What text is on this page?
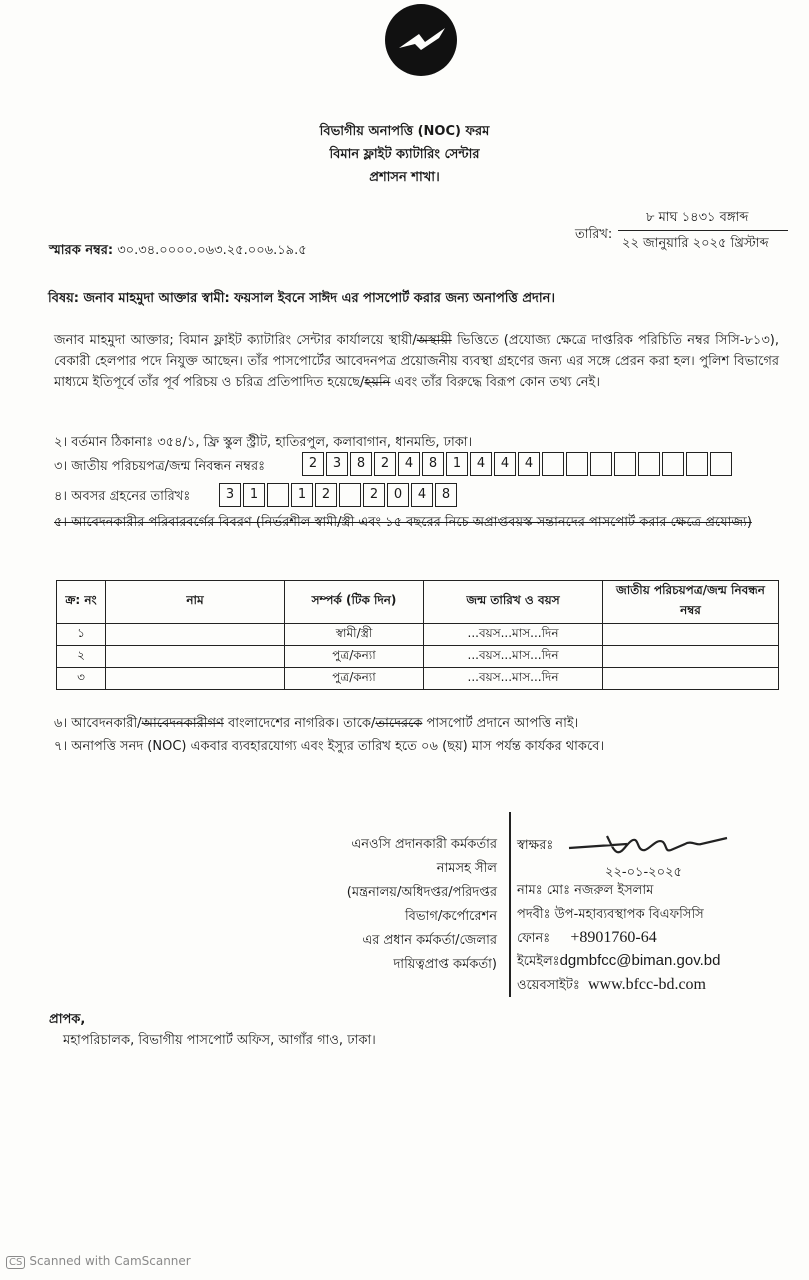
বিভাগীয় অনাপত্তি (NOC) ফরম
বিমান ফ্লাইট ক্যাটারিং সেন্টার
প্রশাসন শাখা।
৮ মাঘ ১৪৩১ বঙ্গাব্দ
তারিখ:
২২ জানুয়ারি ২০২৫ খ্রিস্টাব্দ
স্মারক নম্বর: ৩০.৩৪.০০০০.০৬৩.২৫.০০৬.১৯.৫
বিষয়: জনাব মাহমুদা আক্তার স্বামী: ফয়সাল ইবনে সাঈদ এর পাসপোর্ট করার জন্য অনাপত্তি প্রদান।
জনাব মাহমুদা আক্তার; বিমান ফ্লাইট ক্যাটারিং সেন্টার কার্যালয়ে স্থায়ী/অস্থায়ী ভিত্তিতে (প্রযোজ্য ক্ষেত্রে দাপ্তরিক পরিচিতি নম্বর সিসি-৮১৩), বেকারী হেলপার পদে নিযুক্ত আছেন। তাঁর পাসপোর্টের আবেদনপত্র প্রয়োজনীয় ব্যবস্থা গ্রহণের জন্য এর সঙ্গে প্রেরন করা হল। পুলিশ বিভাগের মাধ্যমে ইতিপূর্বে তাঁর পূর্ব পরিচয় ও চরিত্র প্রতিপাদিত হয়েছে/হয়নি এবং তাঁর বিরুদ্ধে বিরূপ কোন তথ্য নেই।
২। বর্তমান ঠিকানাঃ ৩৫৪/১, ফ্রি স্কুল স্ট্রীট, হাতিরপুল, কলাবাগান, ধানমন্ডি, ঢাকা।
৩। জাতীয় পরিচয়পত্র/জন্ম নিবন্ধন নম্বরঃ	2	3	8	2	4	8	1	4	4	4
৪। অবসর গ্রহনের তারিখঃ	3	1	1	2	2	0	4	8
৫। আবেদনকারীর পরিবারবর্গের বিবরণ (নির্ভরশীল স্বামী/স্ত্রী এবং ১৫ বছরের নিচে অপ্রাপ্তবয়স্ক সন্তানদের পাসপোর্ট করার ক্ষেত্রে প্রযোজ্য)
ক্র: নং	নাম	সম্পর্ক (টিক দিন)	জন্ম তারিখ ও বয়স	জাতীয় পরিচয়পত্র/জন্ম নিবন্ধন নম্বর
১		স্বামী/স্ত্রী	...বয়স...মাস...দিন	
২		পুত্র/কন্যা	...বয়স...মাস...দিন	
৩		পুত্র/কন্যা	...বয়স...মাস...দিন	
৬। আবেদনকারী/আবেদনকারীগণ বাংলাদেশের নাগরিক। তাকে/তাদেরকে পাসপোর্ট প্রদানে আপত্তি নাই।
৭। অনাপত্তি সনদ (NOC) একবার ব্যবহারযোগ্য এবং ইস্যুর তারিখ হতে ০৬ (ছয়) মাস পর্যন্ত কার্যকর থাকবে।
এনওসি প্রদানকারী কর্মকর্তার
নামসহ সীল
(মন্ত্রনালয়/অধিদপ্তর/পরিদপ্তর
বিভাগ/কর্পোরেশন
এর প্রধান কর্মকর্তা/জেলার
দায়িত্বপ্রাপ্ত কর্মকর্তা)
স্বাক্ষরঃ
২২-০১-২০২৫
নামঃ মোঃ নজরুল ইসলাম
পদবীঃ উপ-মহাব্যবস্থাপক বিএফসিসি
ফোনঃ +8901760-64
ইমেইলঃdgmbfcc@biman.gov.bd
ওয়েবসাইটঃ www.bfcc-bd.com
প্রাপক,
মহাপরিচালক, বিভাগীয় পাসপোর্ট অফিস, আগাঁর গাও, ঢাকা।
CS Scanned with CamScanner
